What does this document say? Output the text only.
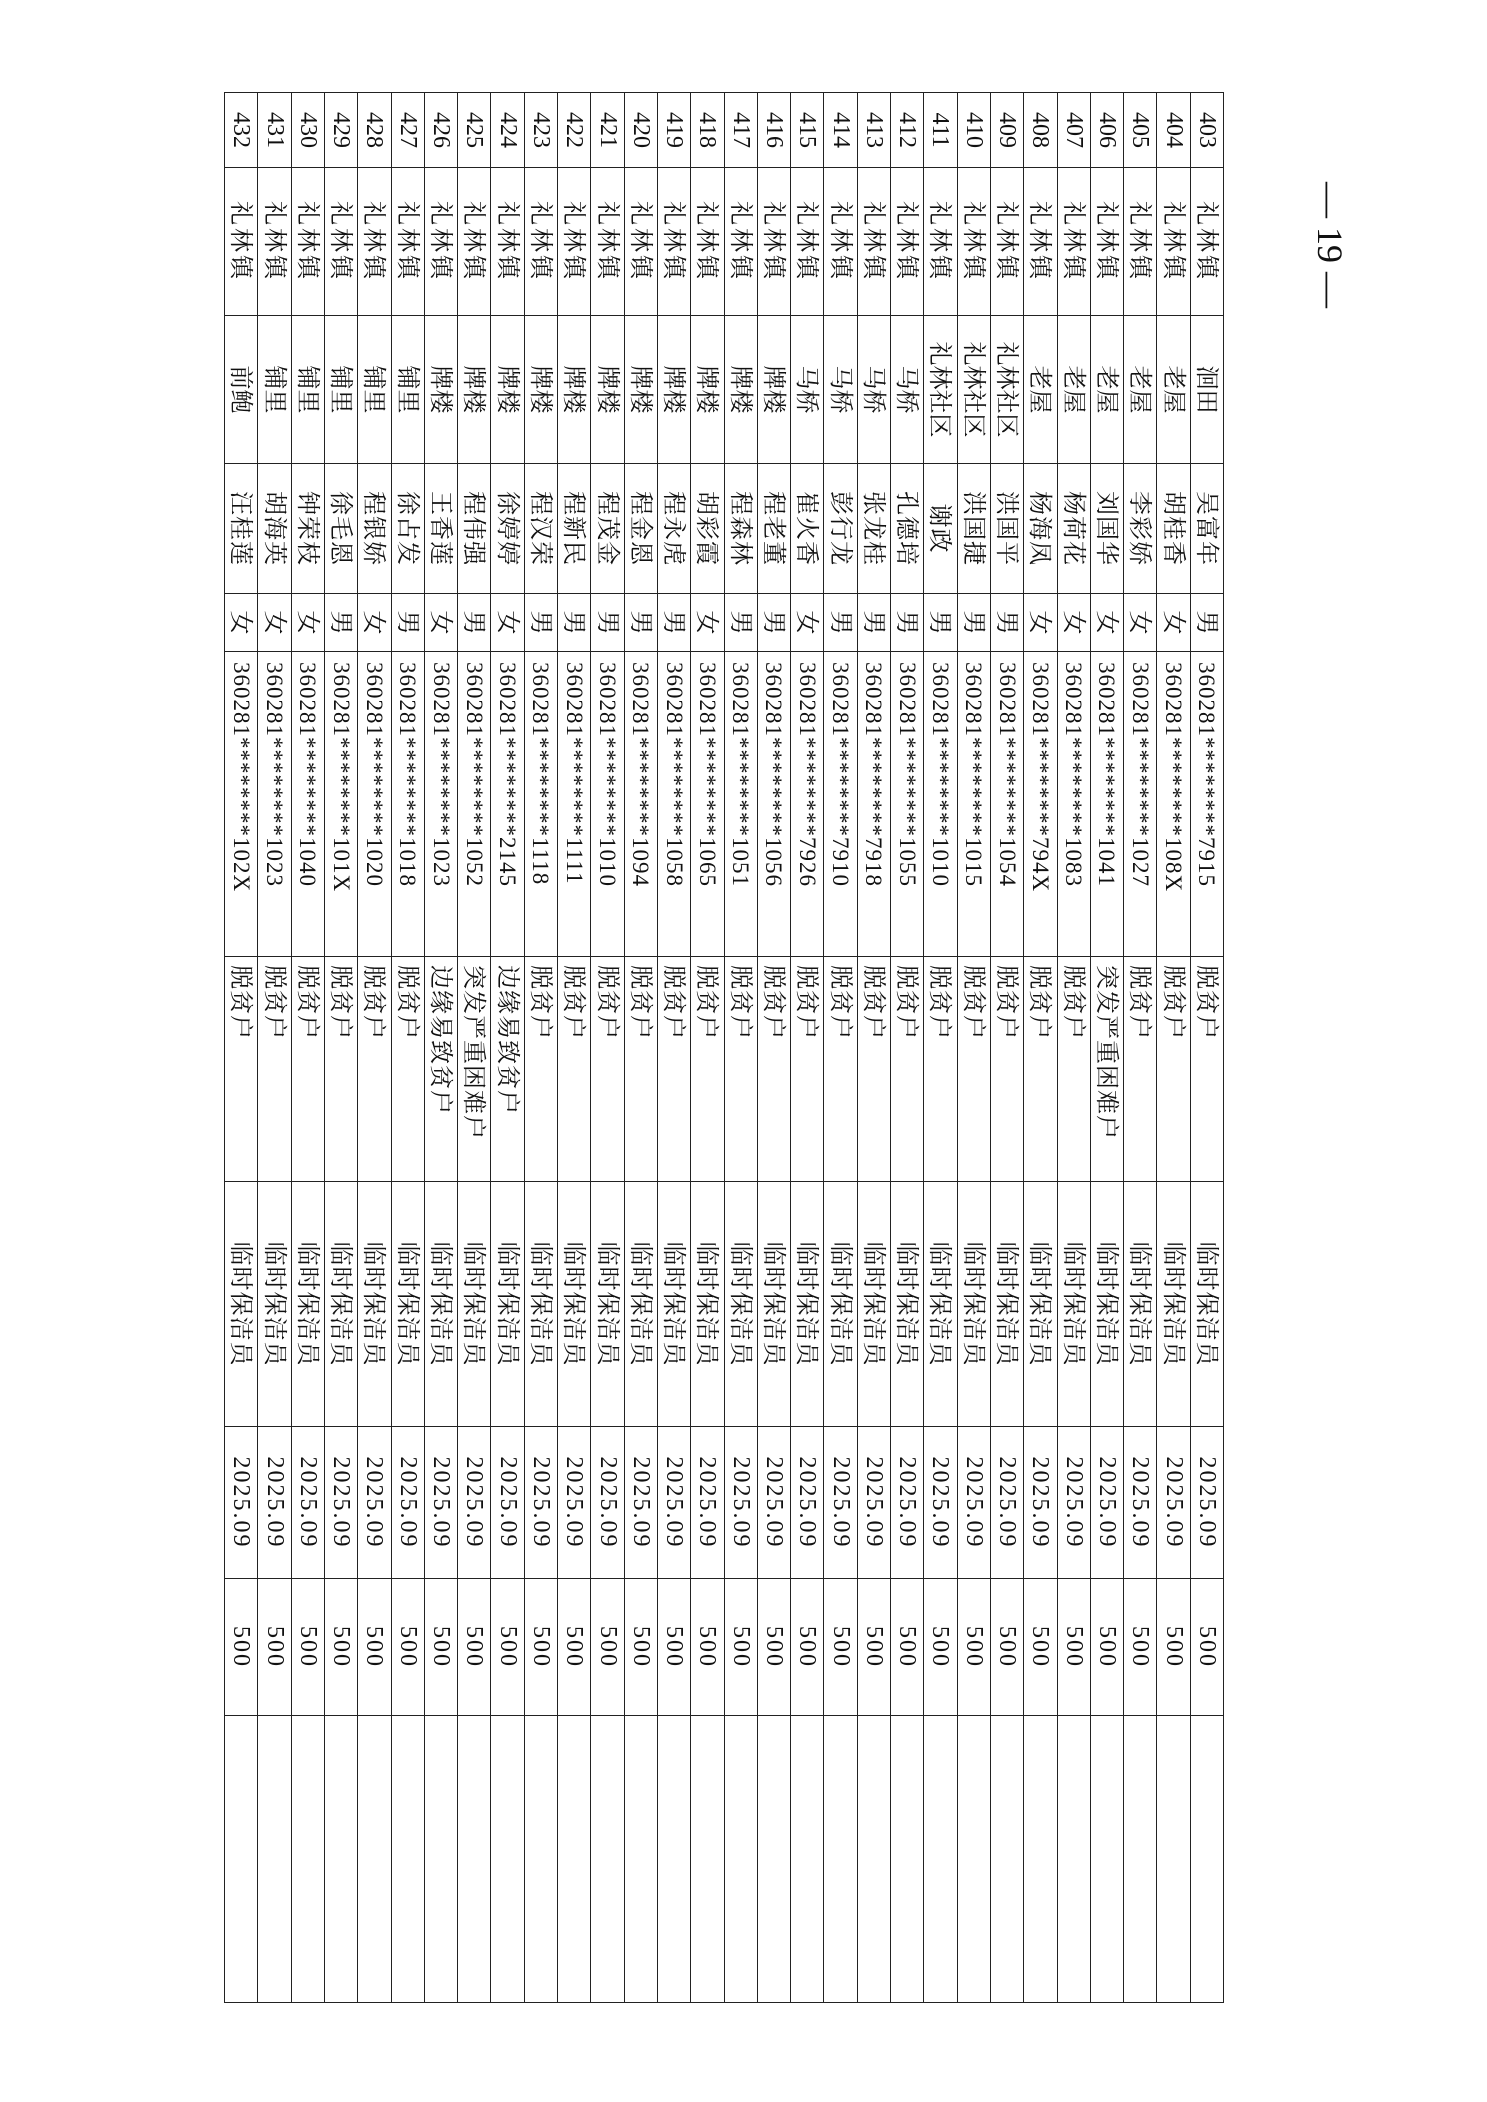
403	礼林镇	洄田	吴富年	男	360281********7915	脱贫户	临时保洁员	2025.09	500	
404	礼林镇	老屋	胡桂香	女	360281********108X	脱贫户	临时保洁员	2025.09	500	
405	礼林镇	老屋	李彩娇	女	360281********1027	脱贫户	临时保洁员	2025.09	500	
406	礼林镇	老屋	刘国华	女	360281********1041	突发严重困难户	临时保洁员	2025.09	500	
407	礼林镇	老屋	杨荷花	女	360281********1083	脱贫户	临时保洁员	2025.09	500	
408	礼林镇	老屋	杨海凤	女	360281********794X	脱贫户	临时保洁员	2025.09	500	
409	礼林镇	礼林社区	洪国平	男	360281********1054	脱贫户	临时保洁员	2025.09	500	
410	礼林镇	礼林社区	洪国捷	男	360281********1015	脱贫户	临时保洁员	2025.09	500	
411	礼林镇	礼林社区	谢政	男	360281********1010	脱贫户	临时保洁员	2025.09	500	
412	礼林镇	马桥	孔德培	男	360281********1055	脱贫户	临时保洁员	2025.09	500	
413	礼林镇	马桥	张龙桂	男	360281********7918	脱贫户	临时保洁员	2025.09	500	
414	礼林镇	马桥	彭行龙	男	360281********7910	脱贫户	临时保洁员	2025.09	500	
415	礼林镇	马桥	崔火香	女	360281********7926	脱贫户	临时保洁员	2025.09	500	
416	礼林镇	牌楼	程老董	男	360281********1056	脱贫户	临时保洁员	2025.09	500	
417	礼林镇	牌楼	程森林	男	360281********1051	脱贫户	临时保洁员	2025.09	500	
418	礼林镇	牌楼	胡彩霞	女	360281********1065	脱贫户	临时保洁员	2025.09	500	
419	礼林镇	牌楼	程永虎	男	360281********1058	脱贫户	临时保洁员	2025.09	500	
420	礼林镇	牌楼	程金恩	男	360281********1094	脱贫户	临时保洁员	2025.09	500	
421	礼林镇	牌楼	程茂金	男	360281********1010	脱贫户	临时保洁员	2025.09	500	
422	礼林镇	牌楼	程新民	男	360281********1111	脱贫户	临时保洁员	2025.09	500	
423	礼林镇	牌楼	程汉荣	男	360281********1118	脱贫户	临时保洁员	2025.09	500	
424	礼林镇	牌楼	徐婷婷	女	360281********2145	边缘易致贫户	临时保洁员	2025.09	500	
425	礼林镇	牌楼	程伟强	男	360281********1052	突发严重困难户	临时保洁员	2025.09	500	
426	礼林镇	牌楼	王香莲	女	360281********1023	边缘易致贫户	临时保洁员	2025.09	500	
427	礼林镇	铺里	徐占发	男	360281********1018	脱贫户	临时保洁员	2025.09	500	
428	礼林镇	铺里	程银娇	女	360281********1020	脱贫户	临时保洁员	2025.09	500	
429	礼林镇	铺里	徐毛恩	男	360281********101X	脱贫户	临时保洁员	2025.09	500	
430	礼林镇	铺里	钟荣枝	女	360281********1040	脱贫户	临时保洁员	2025.09	500	
431	礼林镇	铺里	胡海英	女	360281********1023	脱贫户	临时保洁员	2025.09	500	
432	礼林镇	前鲍	汪桂莲	女	360281********102X	脱贫户	临时保洁员	2025.09	500	
— 19 —
